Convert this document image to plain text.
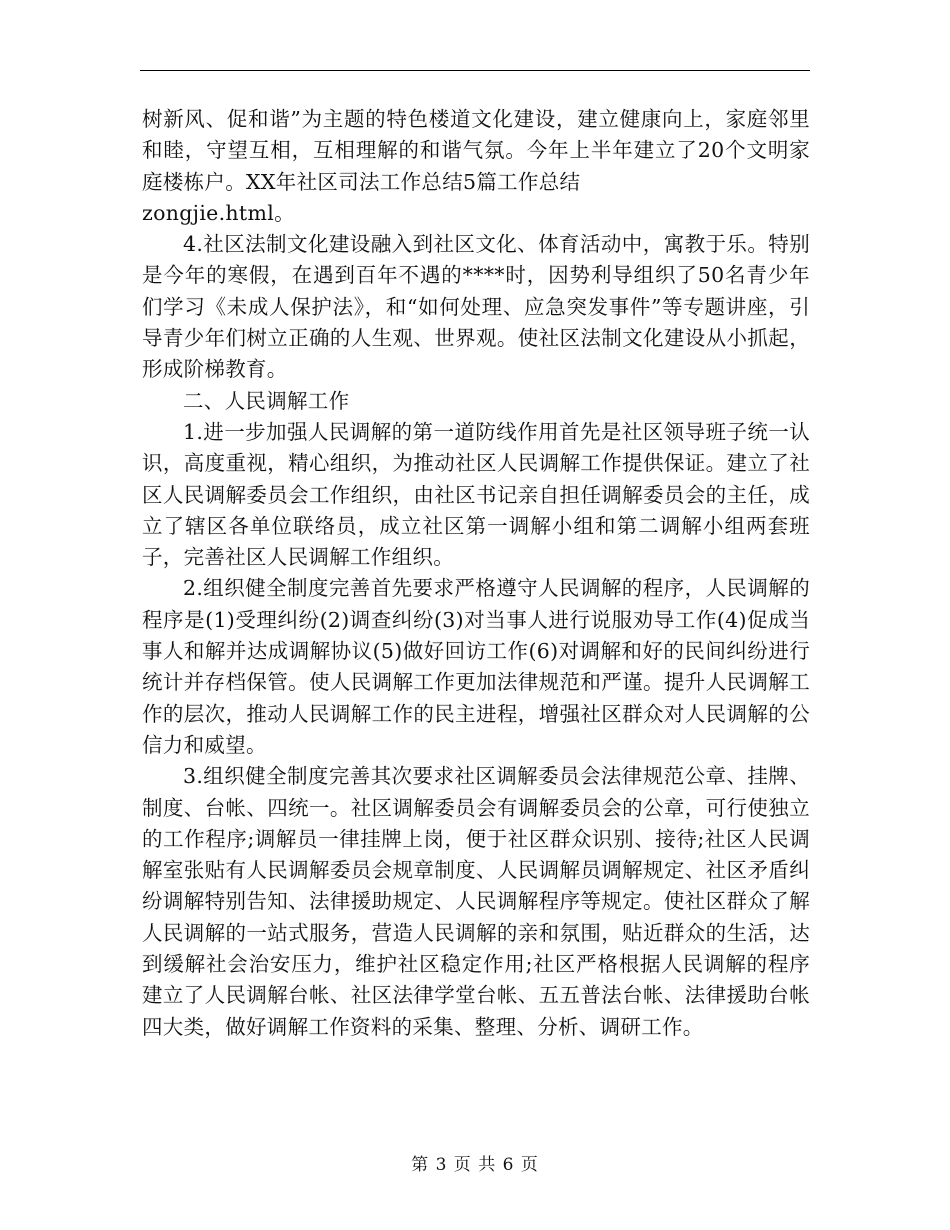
树新风、促和谐”为主题的特色楼道文化建设，建立健康向上，家庭邻里和睦，守望互相，互相理解的和谐气氛。今年上半年建立了20个文明家庭楼栋户。XX年社区司法工作总结5篇工作总结

zongjie.html。

4.社区法制文化建设融入到社区文化、体育活动中，寓教于乐。特别是今年的寒假，在遇到百年不遇的****时，因势利导组织了50名青少年们学习《未成人保护法》，和“如何处理、应急突发事件”等专题讲座，引导青少年们树立正确的人生观、世界观。使社区法制文化建设从小抓起，形成阶梯教育。

二、人民调解工作

1.进一步加强人民调解的第一道防线作用首先是社区领导班子统一认识，高度重视，精心组织，为推动社区人民调解工作提供保证。建立了社区人民调解委员会工作组织，由社区书记亲自担任调解委员会的主任，成立了辖区各单位联络员，成立社区第一调解小组和第二调解小组两套班子，完善社区人民调解工作组织。

2.组织健全制度完善首先要求严格遵守人民调解的程序，人民调解的程序是(1)受理纠纷(2)调查纠纷(3)对当事人进行说服劝导工作(4)促成当事人和解并达成调解协议(5)做好回访工作(6)对调解和好的民间纠纷进行统计并存档保管。使人民调解工作更加法律规范和严谨。提升人民调解工作的层次，推动人民调解工作的民主进程，增强社区群众对人民调解的公信力和威望。

3.组织健全制度完善其次要求社区调解委员会法律规范公章、挂牌、制度、台帐、四统一。社区调解委员会有调解委员会的公章，可行使独立的工作程序;调解员一律挂牌上岗，便于社区群众识别、接待;社区人民调解室张贴有人民调解委员会规章制度、人民调解员调解规定、社区矛盾纠纷调解特别告知、法律援助规定、人民调解程序等规定。使社区群众了解人民调解的一站式服务，营造人民调解的亲和氛围，贴近群众的生活，达到缓解社会治安压力，维护社区稳定作用;社区严格根据人民调解的程序建立了人民调解台帐、社区法律学堂台帐、五五普法台帐、法律援助台帐四大类，做好调解工作资料的采集、整理、分析、调研工作。

第 3 页 共 6 页
